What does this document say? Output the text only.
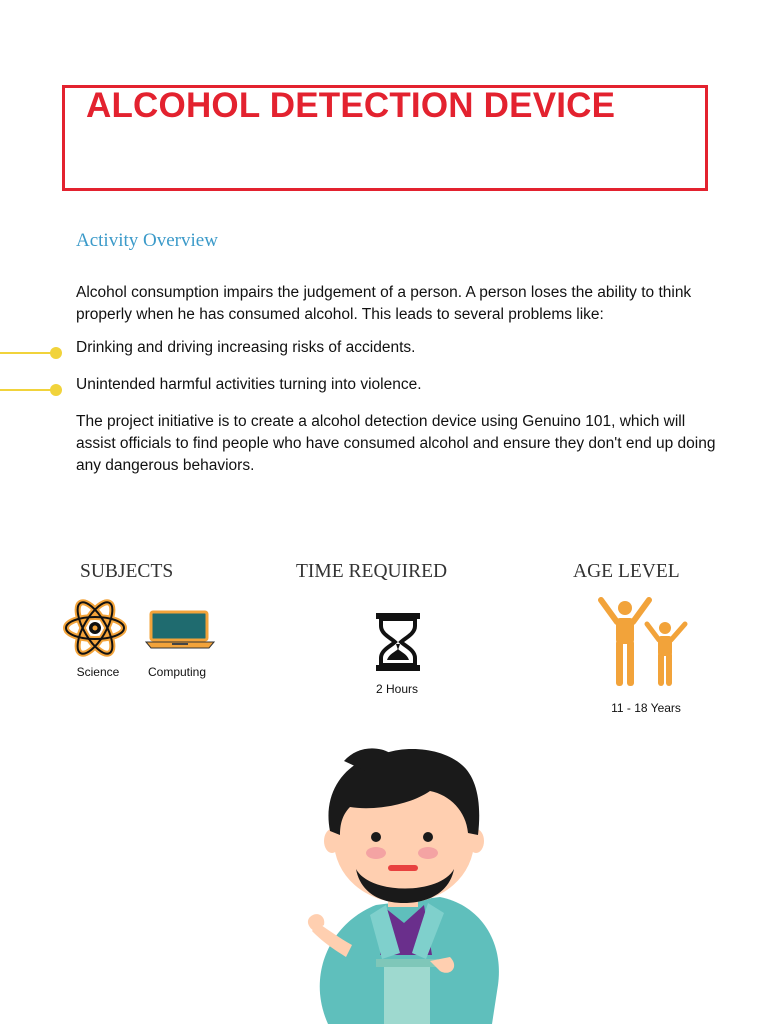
ALCOHOL DETECTION DEVICE
Activity Overview

Alcohol consumption impairs the judgement of a person. A person loses the ability to think properly when he has consumed alcohol. This leads to several problems like:

Drinking and driving increasing risks of accidents.

Unintended harmful activities turning into violence.

The project initiative is to create a alcohol detection device using Genuino 101, which will assist officials to find people who have consumed alcohol and ensure they don't end up doing any dangerous behaviors.

SUBJECTS
Science	Computing
TIME REQUIRED
2 Hours
AGE LEVEL
11 - 18 Years
